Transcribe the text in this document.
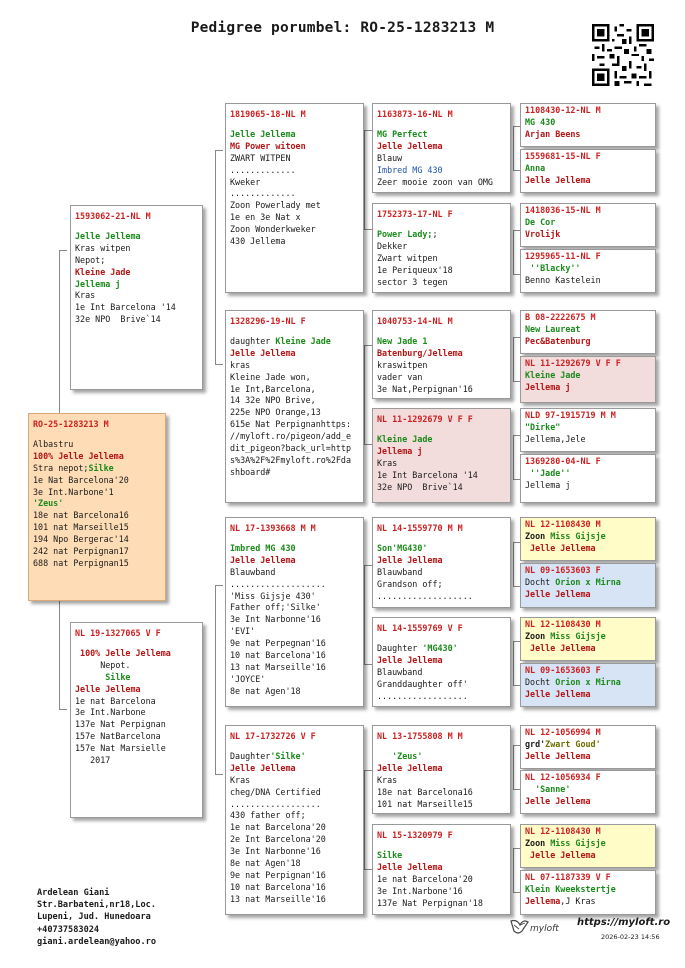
Pedigree porumbel: RO-25-1283213 M
RO-25-1283213 M
Albastru
100% Jelle Jellema
Stra nepot;Silke
1e Nat Barcelona'20
3e Int.Narbone'1
'Zeus'
18e nat Barcelona16
101 nat Marseille15
194 Npo Bergerac'14
242 nat Perpignan17
688 nat Perpignan15
1593062-21-NL M
Jelle Jellema
Kras witpen
Nepot;
Kleine Jade
Jellema j
Kras
1e Int Barcelona '14
32e NPO  Brive`14
NL 19-1327065 V F
100% Jelle Jellema
Nepot.
Silke
Jelle Jellema
1e nat Barcelona
3e Int.Narbone
137e Nat Perpignan
157e NatBarcelona
157e Nat Marsielle
2017
1819065-18-NL M
Jelle Jellema
MG Power witoen
ZWART WITPEN
.............
Kweker
.............
Zoon Powerlady met
1e en 3e Nat x
Zoon Wonderkweker
430 Jellema
1328296-19-NL F
daughter Kleine Jade
Jelle Jellema
kras
Kleine Jade won,
1e Int,Barcelona,
14 32e NPO Brive,
225e NPO Orange,13
615e Nat Perpignanhttps:
//myloft.ro/pigeon/add_e
dit_pigeon?back_url=http
s%3A%2F%2Fmyloft.ro%2Fda
shboard#
NL 17-1393668 M M
Imbred MG 430
Jelle Jellema
Blauwband
...................
'Miss Gijsje 430'
Father off;'Silke'
3e Int Narbonne'16
'EVI'
9e nat Perpegnan'16
10 nat Barcelona'16
13 nat Marseille'16
'JOYCE'
8e nat Agen'18
NL 17-1732726 V F
Daughter'Silke'
Jelle Jellema
Kras
cheg/DNA Certified
..................
430 father off;
1e nat Barcelona'20
2e Int Barcelona'20
3e Int Narbonne'16
8e nat Agen'18
9e nat Perpignan'16
10 nat Barcelona'16
13 nat Marseille'16
1163873-16-NL M
MG Perfect
Jelle Jellema
Blauw
Imbred MG 430
Zeer mooie zoon van OMG
1752373-17-NL F
Power Lady;;
Dekker
Zwart witpen
1e Periqueux'18
sector 3 tegen
1040753-14-NL M
New Jade 1
Batenburg/Jellema
kraswitpen
vader van
3e Nat,Perpignan'16
NL 11-1292679 V F F
Kleine Jade
Jellema j
Kras
1e Int Barcelona '14
32e NPO  Brive`14
NL 14-1559770 M M
Son'MG430'
Jelle Jellema
Blauwband
Grandson off;
...................
NL 14-1559769 V F
Daughter 'MG430'
Jelle Jellema
Blauwband
Granddaughter off'
..................
NL 13-1755808 M M
'Zeus'
Jelle Jellema
Kras
18e nat Barcelona16
101 nat Marseille15
NL 15-1320979 F
Silke
Jelle Jellema
1e nat Barcelona'20
3e Int.Narbone'16
137e Nat Perpignan'18
1108430-12-NL M
MG 430
Arjan Beens
1559681-15-NL F
Anna
Jelle Jellema
1418036-15-NL M
De Cor
Vrolijk
1295965-11-NL F
''Blacky''
Benno Kastelein
B 08-2222675 M
New Laureat
Pec&Batenburg
NL 11-1292679 V F F
Kleine Jade
Jellema j
NLD 97-1915719 M M
"Dirke"
Jellema,Jele
1369280-04-NL F
''Jade''
Jellema j
NL 12-1108430 M
Zoon Miss Gijsje
Jelle Jellema
NL 09-1653603 F
Docht Orion x Mirna
Jelle Jellema
NL 12-1108430 M
Zoon Miss Gijsje
Jelle Jellema
NL 09-1653603 F
Docht Orion x Mirna
Jelle Jellema
NL 12-1056994 M
grd'Zwart Goud'
Jelle Jellema
NL 12-1056934 F
'Sanne'
Jelle Jellema
NL 12-1108430 M
Zoon Miss Gijsje
Jelle Jellema
NL 07-1187339 V F
Klein Kweekstertje
Jellema,J Kras
Ardelean Giani
Str.Barbateni,nr18,Loc.
Lupeni, Jud. Hunedoara
+40737583024
giani.ardelean@yahoo.ro
myloft
https://myloft.ro
2026-02-23 14:56
